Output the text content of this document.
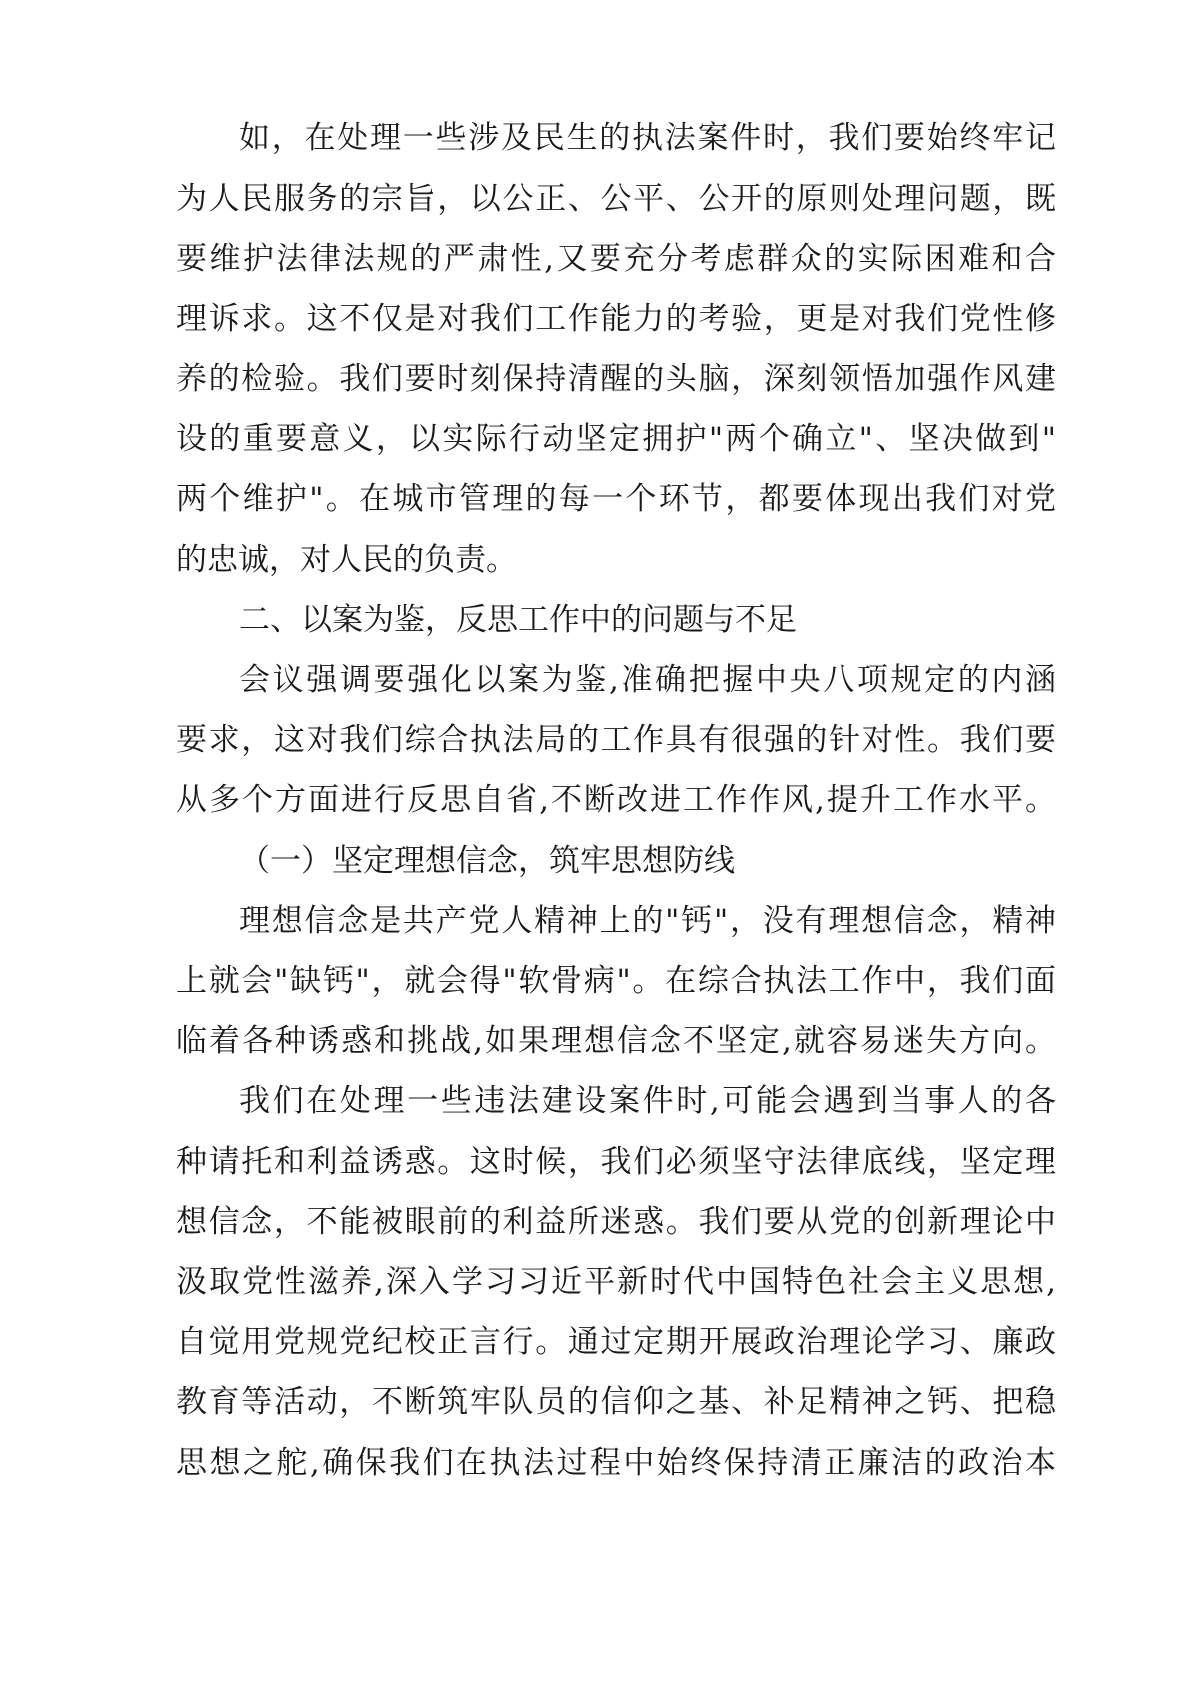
如，在处理一些涉及民生的执法案件时，我们要始终牢记
为人民服务的宗旨，以公正、公平、公开的原则处理问题，既
要维护法律法规的严肃性,又要充分考虑群众的实际困难和合
理诉求。这不仅是对我们工作能力的考验，更是对我们党性修
养的检验。我们要时刻保持清醒的头脑，深刻领悟加强作风建
设的重要意义，以实际行动坚定拥护"两个确立"、坚决做到"
两个维护"。在城市管理的每一个环节，都要体现出我们对党
的忠诚，对人民的负责。
二、以案为鉴，反思工作中的问题与不足
会议强调要强化以案为鉴,准确把握中央八项规定的内涵
要求，这对我们综合执法局的工作具有很强的针对性。我们要
从多个方面进行反思自省,不断改进工作作风,提升工作水平。
（一）坚定理想信念，筑牢思想防线
理想信念是共产党人精神上的"钙"，没有理想信念，精神
上就会"缺钙"，就会得"软骨病"。在综合执法工作中，我们面
临着各种诱惑和挑战,如果理想信念不坚定,就容易迷失方向。
我们在处理一些违法建设案件时,可能会遇到当事人的各
种请托和利益诱惑。这时候，我们必须坚守法律底线，坚定理
想信念，不能被眼前的利益所迷惑。我们要从党的创新理论中
汲取党性滋养,深入学习习近平新时代中国特色社会主义思想,
自觉用党规党纪校正言行。通过定期开展政治理论学习、廉政
教育等活动，不断筑牢队员的信仰之基、补足精神之钙、把稳
思想之舵,确保我们在执法过程中始终保持清正廉洁的政治本
